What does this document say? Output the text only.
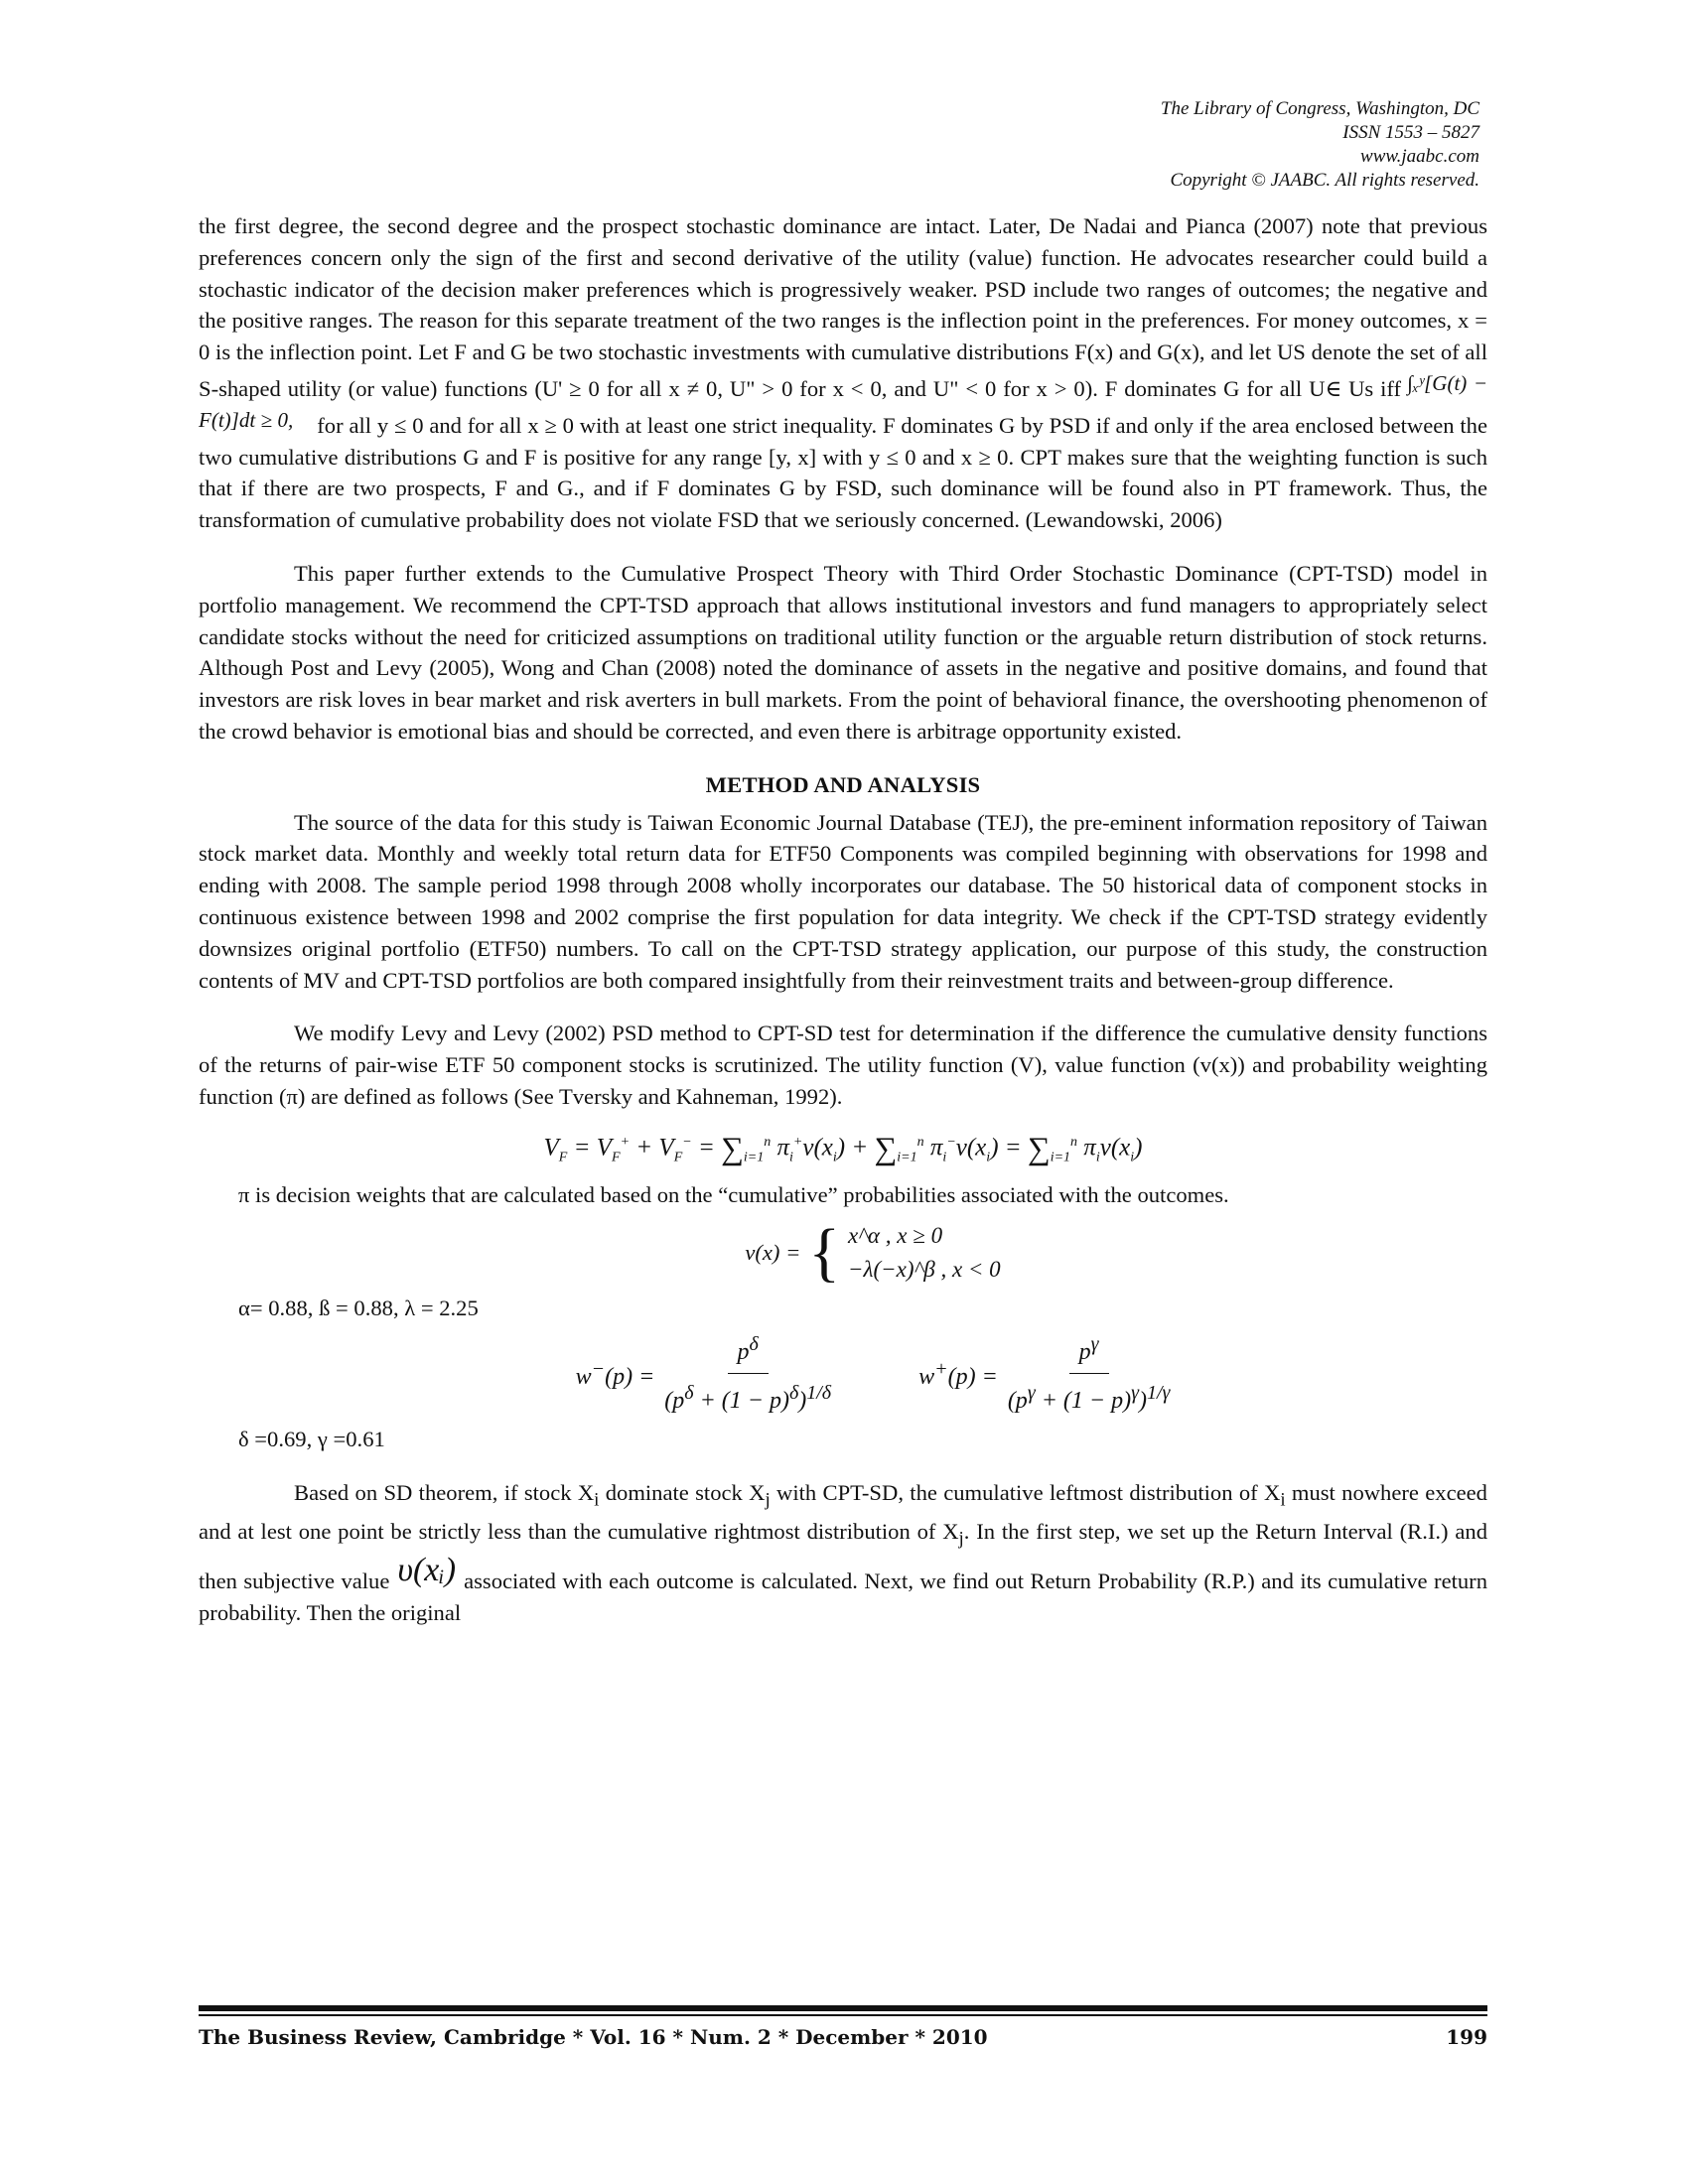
The Library of Congress, Washington, DC
ISSN 1553 – 5827
www.jaabc.com
Copyright © JAABC. All rights reserved.

the first degree, the second degree and the prospect stochastic dominance are intact. Later, De Nadai and Pianca (2007) note that previous preferences concern only the sign of the first and second derivative of the utility (value) function. He advocates researcher could build a stochastic indicator of the decision maker preferences which is progressively weaker. PSD include two ranges of outcomes; the negative and the positive ranges. The reason for this separate treatment of the two ranges is the inflection point in the preferences. For money outcomes, x = 0 is the inflection point. Let F and G be two stochastic investments with cumulative distributions F(x) and G(x), and let US denote the set of all S-shaped utility (or value) functions (U' ≥ 0 for all x ≠ 0, U" > 0 for x < 0, and U" < 0 for x > 0). F dominates G for all U∈ Us iff ∫ₓʸ[G(t) − F(t)]dt ≥ 0, for all y ≤ 0 and for all x ≥ 0 with at least one strict inequality. F dominates G by PSD if and only if the area enclosed between the two cumulative distributions G and F is positive for any range [y, x] with y ≤ 0 and x ≥ 0. CPT makes sure that the weighting function is such that if there are two prospects, F and G., and if F dominates G by FSD, such dominance will be found also in PT framework. Thus, the transformation of cumulative probability does not violate FSD that we seriously concerned. (Lewandowski, 2006)

This paper further extends to the Cumulative Prospect Theory with Third Order Stochastic Dominance (CPT-TSD) model in portfolio management. We recommend the CPT-TSD approach that allows institutional investors and fund managers to appropriately select candidate stocks without the need for criticized assumptions on traditional utility function or the arguable return distribution of stock returns. Although Post and Levy (2005), Wong and Chan (2008) noted the dominance of assets in the negative and positive domains, and found that investors are risk loves in bear market and risk averters in bull markets. From the point of behavioral finance, the overshooting phenomenon of the crowd behavior is emotional bias and should be corrected, and even there is arbitrage opportunity existed.

METHOD AND ANALYSIS

The source of the data for this study is Taiwan Economic Journal Database (TEJ), the pre-eminent information repository of Taiwan stock market data. Monthly and weekly total return data for ETF50 Components was compiled beginning with observations for 1998 and ending with 2008. The sample period 1998 through 2008 wholly incorporates our database. The 50 historical data of component stocks in continuous existence between 1998 and 2002 comprise the first population for data integrity. We check if the CPT-TSD strategy evidently downsizes original portfolio (ETF50) numbers. To call on the CPT-TSD strategy application, our purpose of this study, the construction contents of MV and CPT-TSD portfolios are both compared insightfully from their reinvestment traits and between-group difference.

We modify Levy and Levy (2002) PSD method to CPT-SD test for determination if the difference the cumulative density functions of the returns of pair-wise ETF 50 component stocks is scrutinized. The utility function (V), value function (v(x)) and probability weighting function (π) are defined as follows (See Tversky and Kahneman, 1992).

$V_F = V_F^+ + V_F^- = \sum_{i=1}^n$ $\pi_i^+v(x_i) + \sum_{i=1}^n$ $\pi_i^-v(x_i) = \sum_{i=1}^n$ $\pi_iv(x_i)$

π is decision weights that are calculated based on the “cumulative” probabilities associated with the outcomes.

v(x) = { x^α , x ≥ 0
−λ(−x)^β , x < 0

α= 0.88, ß = 0.88, λ = 2.25

$w^-(p) = \frac{p^\delta}{(p^\delta + (1 - p)^\delta)^{1/\delta}}$	$w^+(p) = \frac{p^\gamma}{(p^\gamma + (1 - p)^\gamma)^{1/\gamma}}$

δ =0.69, γ =0.61

Based on SD theorem, if stock $X_i$ dominate stock $X_j$ with CPT-SD, the cumulative leftmost distribution of $X_i$ must nowhere exceed and at lest one point be strictly less than the cumulative rightmost distribution of $X_j$. In the first step, we set up the Return Interval (R.I.) and then subjective value υ(xᵢ) associated with each outcome is calculated. Next, we find out Return Probability (R.P.) and its cumulative return probability. Then the original

The Business Review, Cambridge * Vol. 16 * Num. 2 * December * 2010	199
